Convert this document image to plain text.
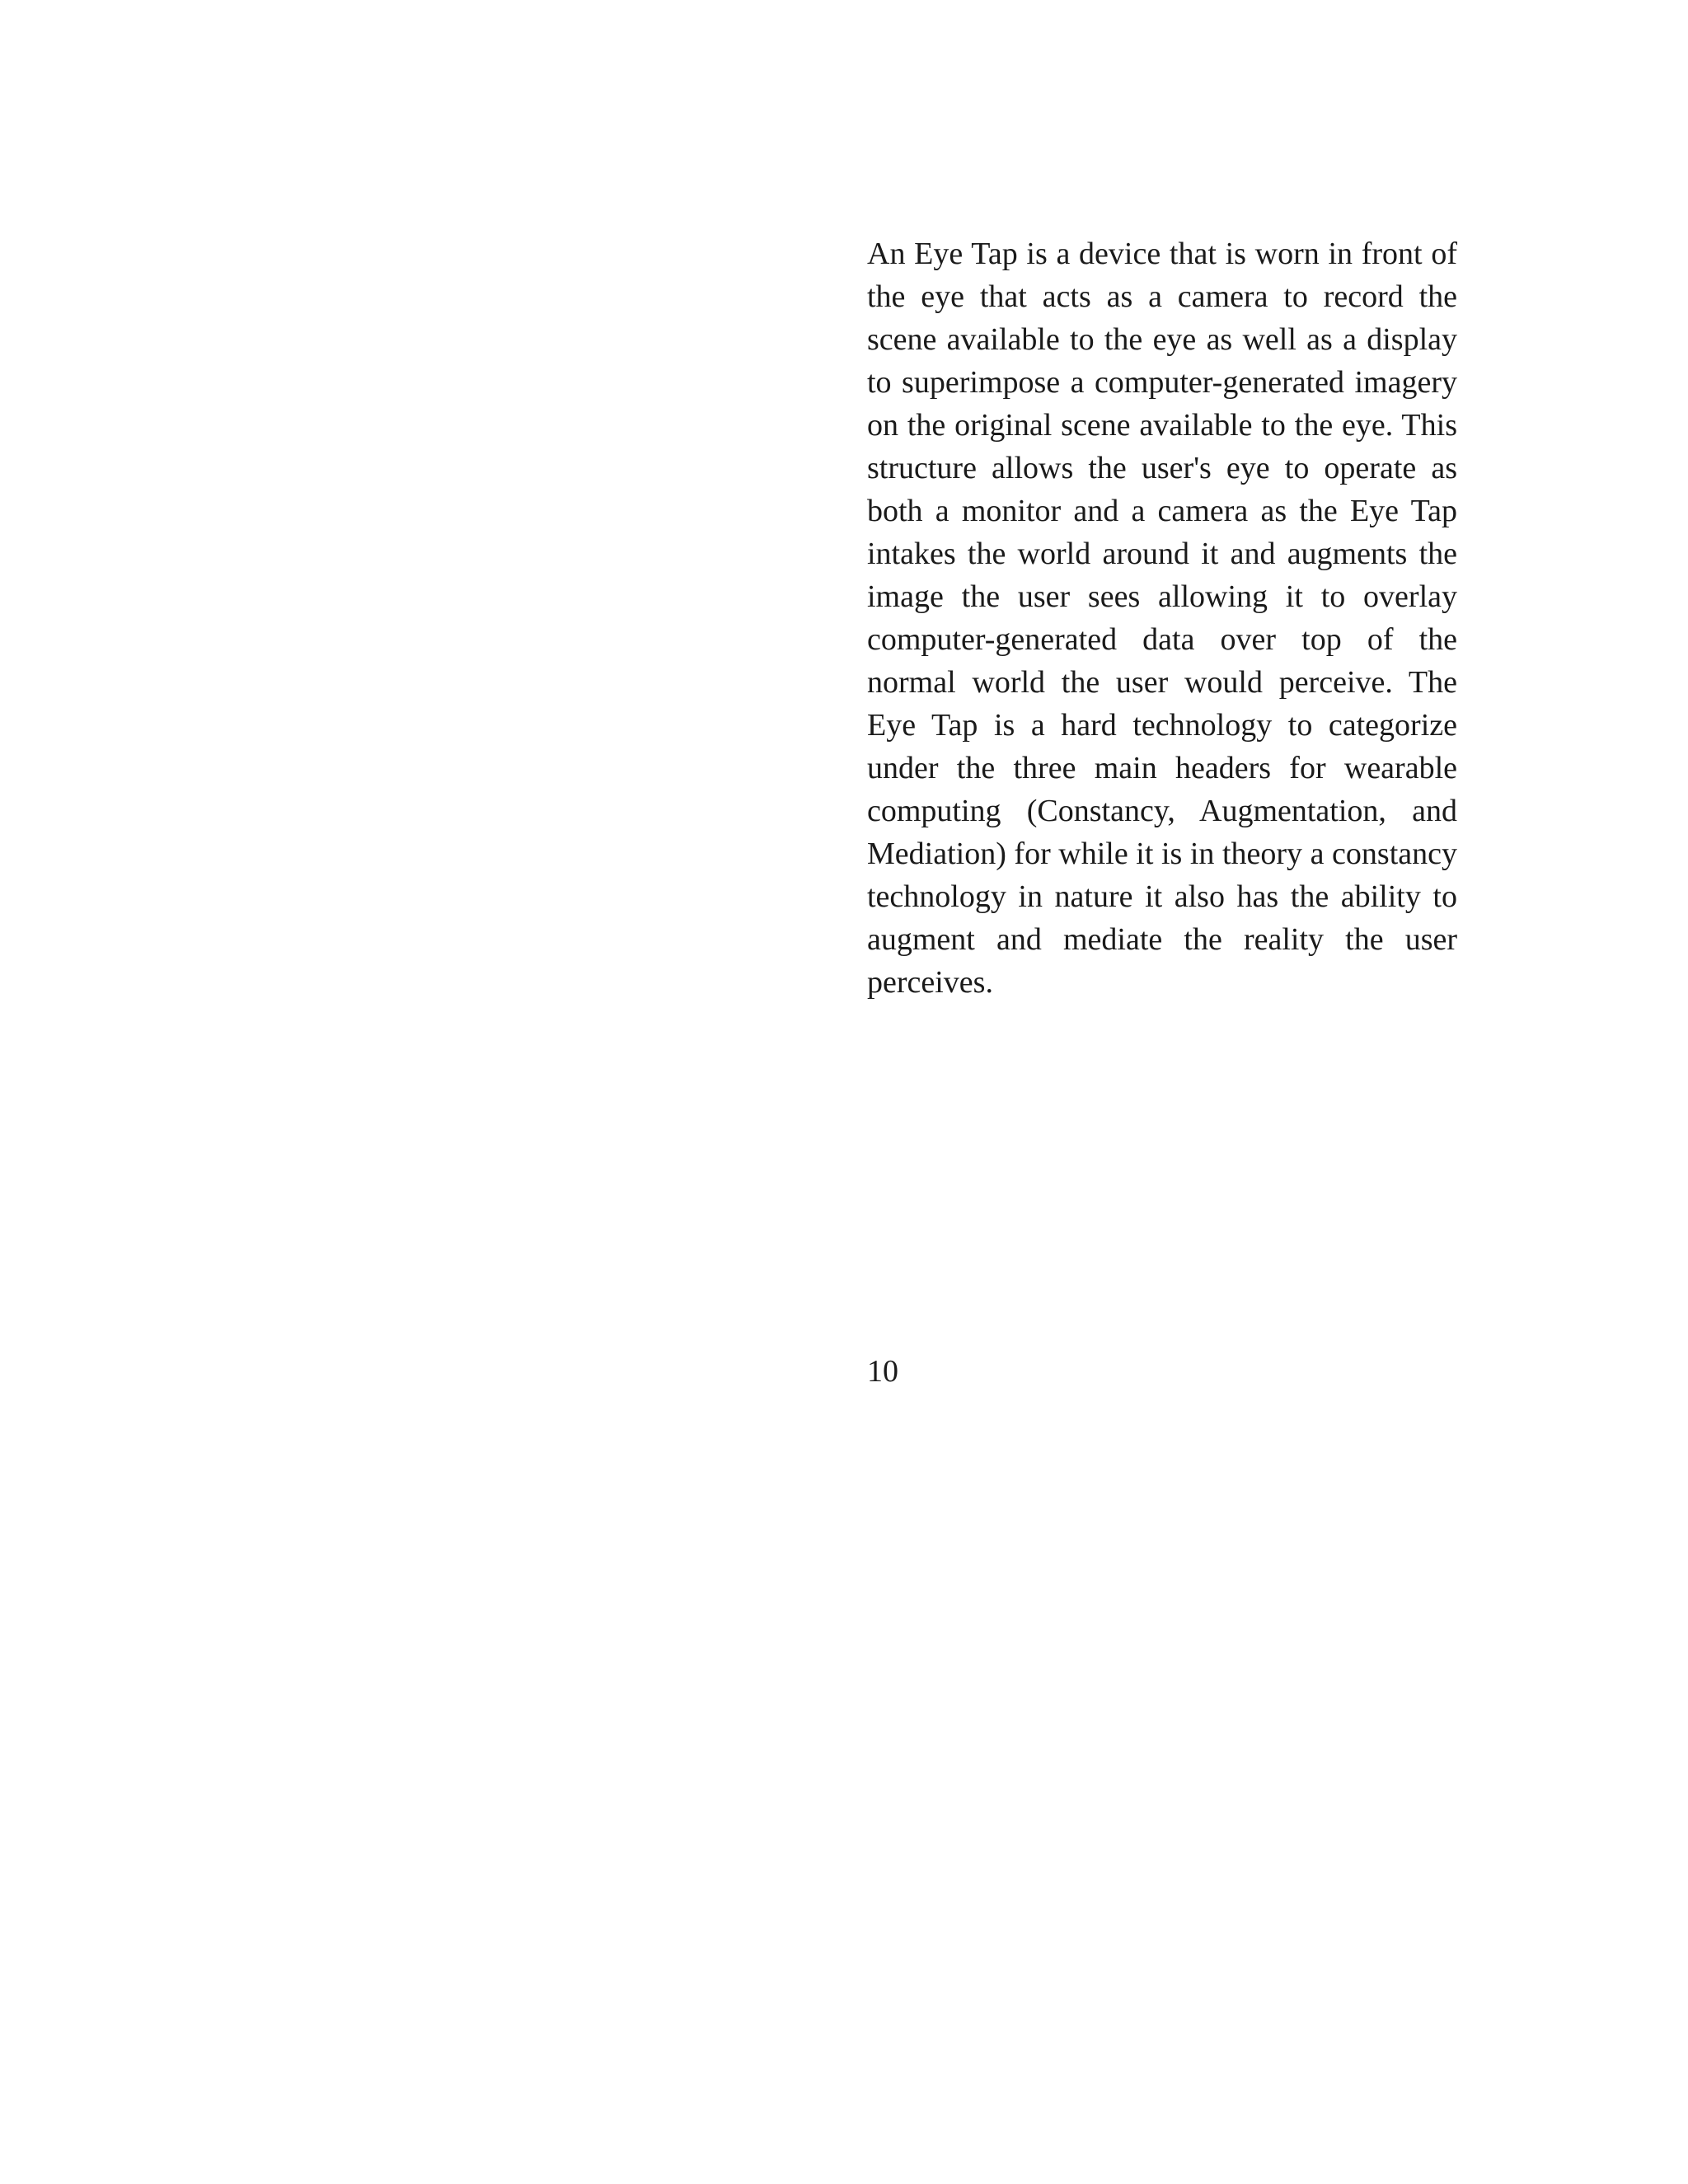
An Eye Tap is a device that is worn in front of the eye that acts as a camera to record the scene available to the eye as well as a display to superimpose a computer-generated imagery on the original scene available to the eye. This structure allows the user's eye to operate as both a monitor and a camera as the Eye Tap intakes the world around it and augments the image the user sees allowing it to overlay computer-generated data over top of the normal world the user would perceive. The Eye Tap is a hard technology to categorize under the three main headers for wearable computing (Constancy, Augmentation, and Mediation) for while it is in theory a constancy technology in nature it also has the ability to augment and mediate the reality the user perceives.

10
